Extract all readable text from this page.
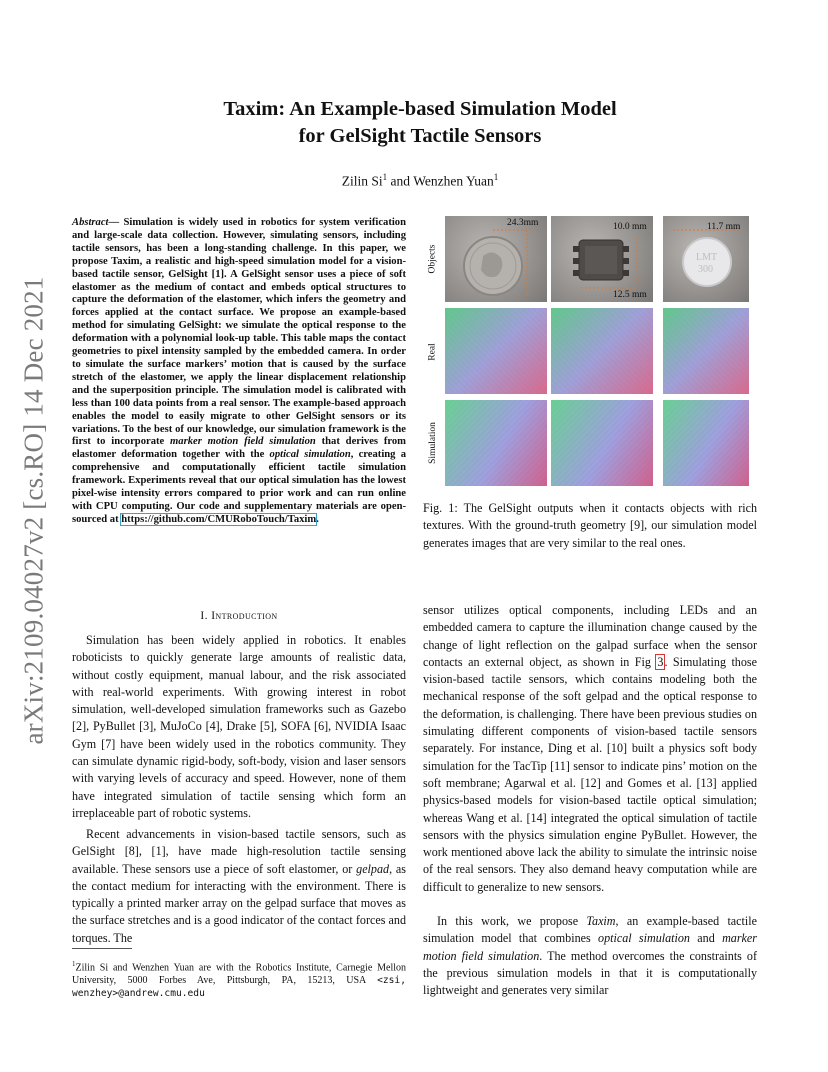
arXiv:2109.04027v2 [cs.RO] 14 Dec 2021
Taxim: An Example-based Simulation Model
for GelSight Tactile Sensors
Zilin Si$^1$ and Wenzhen Yuan$^1$
Abstract— Simulation is widely used in robotics for system verification and large-scale data collection. However, simulating sensors, including tactile sensors, has been a long-standing challenge. In this paper, we propose Taxim, a realistic and high-speed simulation model for a vision-based tactile sensor, GelSight [1]. A GelSight sensor uses a piece of soft elastomer as the medium of contact and embeds optical structures to capture the deformation of the elastomer, which infers the geometry and forces applied at the contact surface. We propose an example-based method for simulating GelSight: we simulate the optical response to the deformation with a polynomial look-up table. This table maps the contact geometries to pixel intensity sampled by the embedded camera. In order to simulate the surface markers’ motion that is caused by the surface stretch of the elastomer, we apply the linear displacement relationship and the superposition principle. The simulation model is calibrated with less than 100 data points from a real sensor. The example-based approach enables the model to easily migrate to other GelSight sensors or its variations. To the best of our knowledge, our simulation framework is the first to incorporate marker motion field simulation that derives from elastomer deformation together with the optical simulation, creating a comprehensive and computationally efficient tactile simulation framework. Experiments reveal that our optical simulation has the lowest pixel-wise intensity errors compared to prior work and can run online with CPU computing. Our code and supplementary materials are open-sourced at https://github.com/CMURoboTouch/Taxim.
I. Introduction

Simulation has been widely applied in robotics. It enables roboticists to quickly generate large amounts of realistic data, without costly equipment, manual labour, and the risk associated with real-world experiments. With growing interest in robot simulation, well-developed simulation frameworks such as Gazebo [2], PyBullet [3], MuJoCo [4], Drake [5], SOFA [6], NVIDIA Isaac Gym [7] have been widely used in the robotics community. They can simulate dynamic rigid-body, soft-body, vision and laser sensors with varying levels of accuracy and speed. However, none of them have integrated simulation of tactile sensing which form an irreplaceable part of robotic systems.

Recent advancements in vision-based tactile sensors, such as GelSight [8], [1], have made high-resolution tactile sensing available. These sensors use a piece of soft elastomer, or gelpad, as the contact medium for interacting with the environment. There is typically a printed marker array on the gelpad surface that moves as the surface stretches and is a good indicator of the contact forces and torques. The

$^1$Zilin Si and Wenzhen Yuan are with the Robotics Institute, Carnegie Mellon University, 5000 Forbes Ave, Pittsburgh, PA, 15213, USA <zsi, wenzhey>@andrew.cmu.edu
Objects
Real
Simulation
24.3mm	10.0 mm
12.5 mm
11.7 mm
LMT
300
Fig. 1: The GelSight outputs when it contacts objects with rich textures. With the ground-truth geometry [9], our simulation model generates images that are very similar to the real ones.

sensor utilizes optical components, including LEDs and an embedded camera to capture the illumination change caused by the change of light reflection on the galpad surface when the sensor contacts an external object, as shown in Fig 3. Simulating those vision-based tactile sensors, which contains modeling both the mechanical response of the soft gelpad and the optical response to the deformation, is challenging. There have been previous studies on simulating different components of vision-based tactile sensors separately. For instance, Ding et al. [10] built a physics soft body simulation for the TacTip [11] sensor to indicate pins’ motion on the soft membrane; Agarwal et al. [12] and Gomes et al. [13] applied physics-based models for vision-based tactile optical simulation; whereas Wang et al. [14] integrated the optical simulation of tactile sensors with the physics simulation engine PyBullet. However, the work mentioned above lack the ability to simulate the intrinsic noise of the real sensors. They also demand heavy computation while are difficult to generalize to new sensors.

In this work, we propose Taxim, an example-based tactile simulation model that combines optical simulation and marker motion field simulation. The method overcomes the constraints of the previous simulation models in that it is computationally lightweight and generates very similar
